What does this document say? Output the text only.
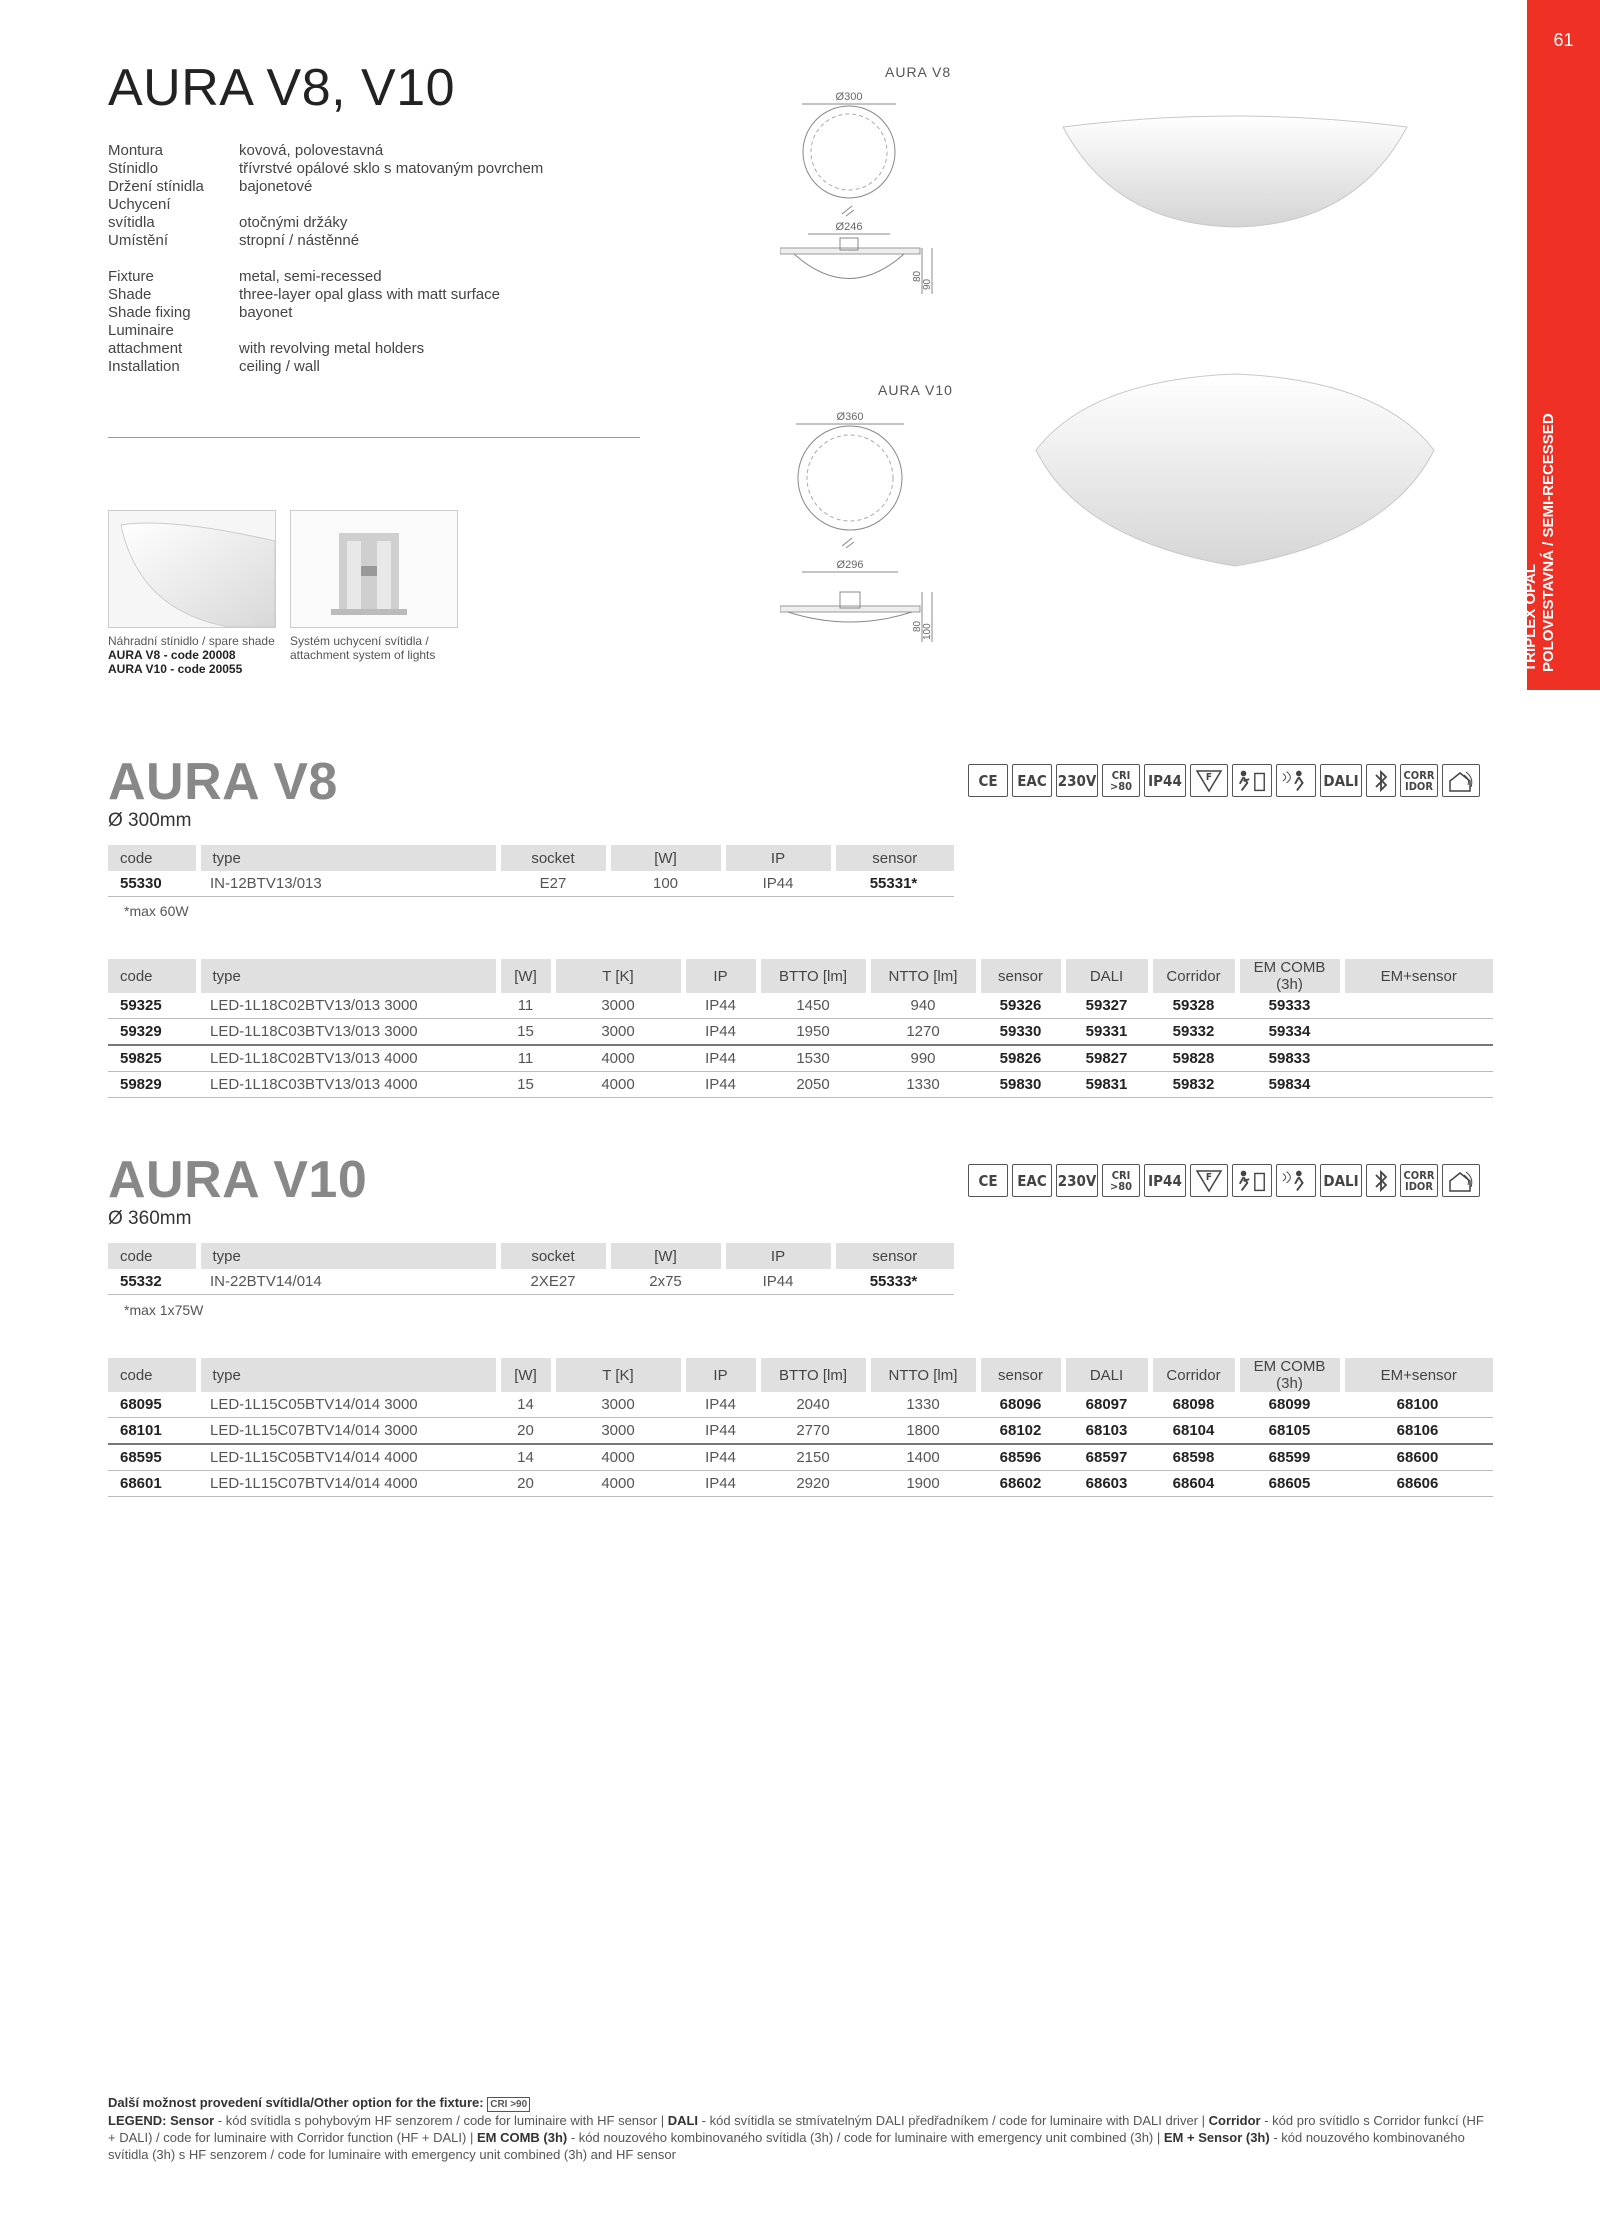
61
TRIPLEX OPAL POLOVESTAVNÁ / SEMI-RECESSED
AURA V8, V10
Montura	kovová, polovestavná
Stínidlo	třívrstvé opálové sklo s matovaným povrchem
Držení stínidla	bajonetové
Uchycení
svítidla	otočnými držáky
Umístění	stropní / nástěnné
Fixture	metal, semi-recessed
Shade	three-layer opal glass with matt surface
Shade fixing	bayonet
Luminaire
attachment	with revolving metal holders
Installation	ceiling / wall
Náhradní stínidlo / spare shade
AURA V8 - code 20008
AURA V10 - code 20055
Systém uchycení svítidla /
attachment system of lights
AURA V8
Ø300
Ø246
80
90
AURA V10
Ø360
Ø296
80 100
AURA V8
Ø 300mm
CE EAC 230V CRI
>80 IP44 F	DALI	CORR
IDOR
code	type	socket	[W]	IP	sensor
55330	IN-12BTV13/013	E27	100	IP44	55331*
*max 60W
code	type	[W]	T [K]	IP	BTTO [lm]	NTTO [lm]	sensor	DALI	Corridor	EM COMB (3h)	EM+sensor
59325	LED-1L18C02BTV13/013 3000	11	3000	IP44	1450	940	59326	59327	59328	59333	
59329	LED-1L18C03BTV13/013 3000	15	3000	IP44	1950	1270	59330	59331	59332	59334	
59825	LED-1L18C02BTV13/013 4000	11	4000	IP44	1530	990	59826	59827	59828	59833	
59829	LED-1L18C03BTV13/013 4000	15	4000	IP44	2050	1330	59830	59831	59832	59834	
AURA V10
Ø 360mm
CE EAC 230V CRI
>80 IP44 F	DALI	CORR
IDOR
code	type	socket	[W]	IP	sensor
55332	IN-22BTV14/014	2XE27	2x75	IP44	55333*
*max 1x75W
code	type	[W]	T [K]	IP	BTTO [lm]	NTTO [lm]	sensor	DALI	Corridor	EM COMB (3h)	EM+sensor
68095	LED-1L15C05BTV14/014 3000	14	3000	IP44	2040	1330	68096	68097	68098	68099	68100
68101	LED-1L15C07BTV14/014 3000	20	3000	IP44	2770	1800	68102	68103	68104	68105	68106
68595	LED-1L15C05BTV14/014 4000	14	4000	IP44	2150	1400	68596	68597	68598	68599	68600
68601	LED-1L15C07BTV14/014 4000	20	4000	IP44	2920	1900	68602	68603	68604	68605	68606
Další možnost provedení svítidla/Other option for the fixture: CRI >90
LEGEND: Sensor - kód svítidla s pohybovým HF senzorem / code for luminaire with HF sensor | DALI - kód svítidla se stmívatelným DALI předřadníkem / code for luminaire with DALI driver | Corridor - kód pro svítidlo s Corridor funkcí (HF + DALI) / code for luminaire with Corridor function (HF + DALI) | EM COMB (3h) - kód nouzového kombinovaného svítidla (3h) / code for luminaire with emergency unit combined (3h) | EM + Sensor (3h) - kód nouzového kombinovaného svítidla (3h) s HF senzorem / code for luminaire with emergency unit combined (3h) and HF sensor
